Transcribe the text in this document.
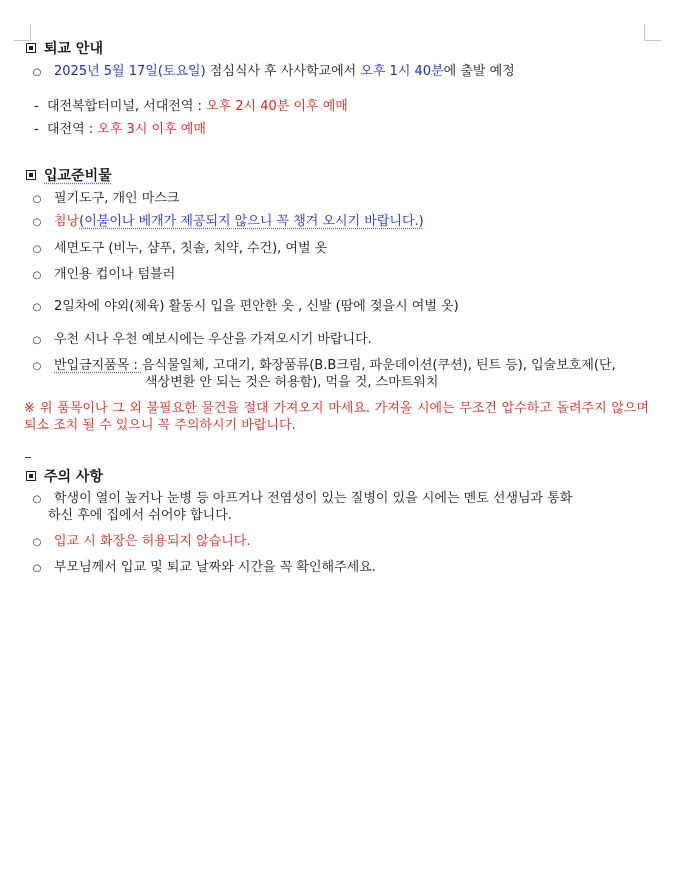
퇴교 안내
○ 2025년 5월 17일(토요일) 점심식사 후 사사학교에서 오후 1시 40분에 출발 예정
- 대전복합터미널, 서대전역 : 오후 2시 40분 이후 예매
- 대전역 : 오후 3시 이후 예매
입교준비물
○ 필기도구, 개인 마스크
○ 침낭(이불이나 베개가 제공되지 않으니 꼭 챙겨 오시기 바랍니다.)
○ 세면도구 (비누, 샴푸, 칫솔, 치약, 수건), 여벌 옷
○ 개인용 컵이나 텀블러
○ 2일차에 야외(체육) 활동시 입을 편안한 옷 , 신발 (땀에 젖을시 여벌 옷)
○ 우천 시나 우천 예보시에는 우산을 가져오시기 바랍니다.
○ 반입금지품목 : 음식물일체, 고대기, 화장품류(B.B크림, 파운데이션(쿠션), 틴트 등), 입술보호제(단,
색상변환 안 되는 것은 허용함), 먹을 것, 스마트워치
※ 위 품목이나 그 외 불필요한 물건을 절대 가져오지 마세요. 가져올 시에는 무조건 압수하고 돌려주지 않으며 퇴소 조치 될 수 있으니 꼭 주의하시기 바랍니다.
주의 사항
○ 학생이 열이 높거나 눈병 등 아프거나 전염성이 있는 질병이 있을 시에는 멘토 선생님과 통화
하신 후에 집에서 쉬어야 합니다.
○ 입교 시 화장은 허용되지 않습니다.
○ 부모님께서 입교 및 퇴교 날짜와 시간을 꼭 확인해주세요.
